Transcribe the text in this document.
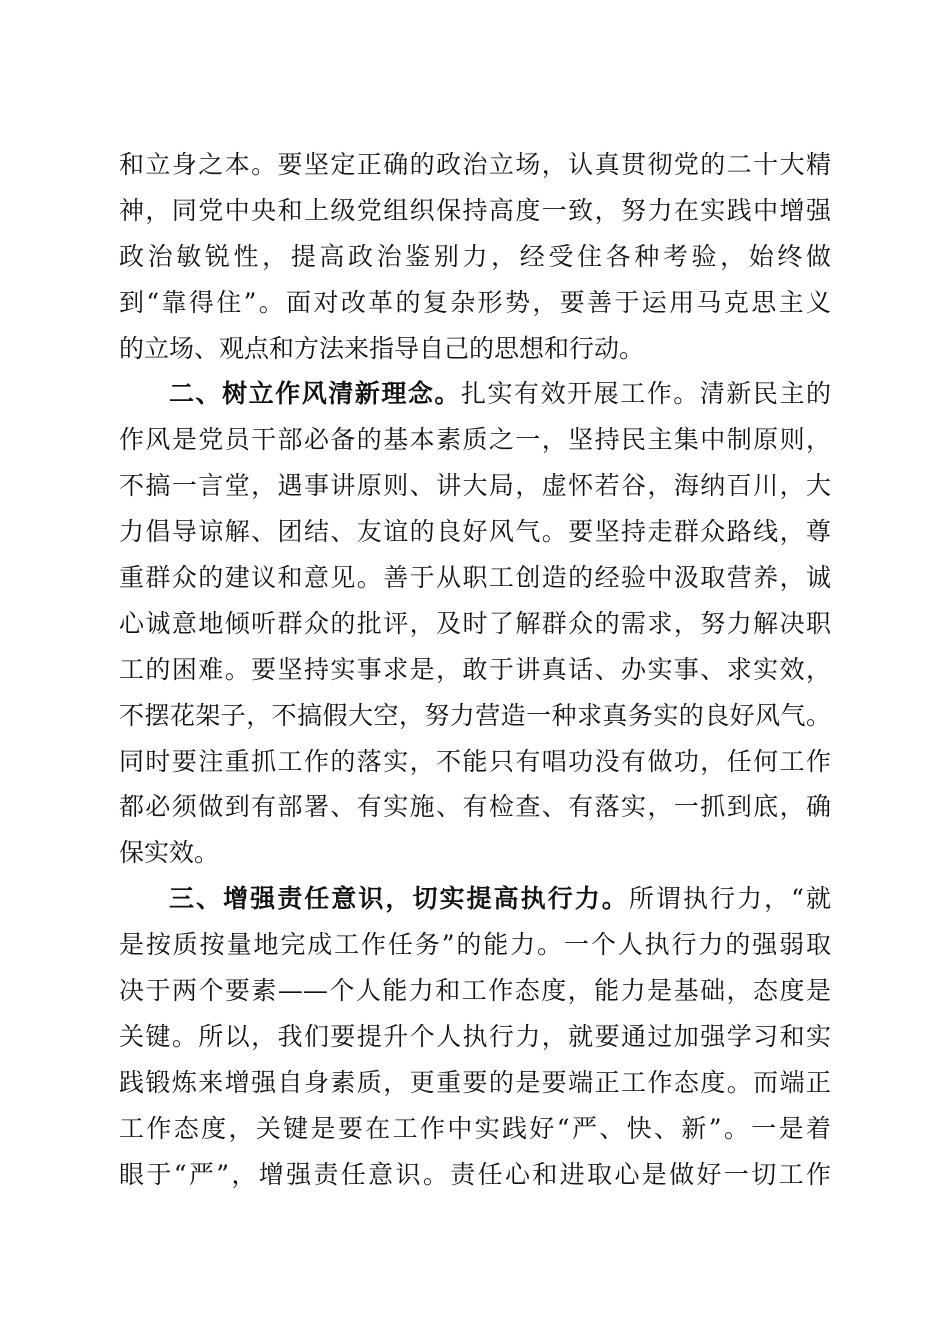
和立身之本。要坚定正确的政治立场，认真贯彻党的二十大精
神，同党中央和上级党组织保持高度一致，努力在实践中增强
政治敏锐性，提高政治鉴别力，经受住各种考验，始终做
到“靠得住”。面对改革的复杂形势，要善于运用马克思主义
的立场、观点和方法来指导自己的思想和行动。
二、树立作风清新理念。扎实有效开展工作。清新民主的
作风是党员干部必备的基本素质之一，坚持民主集中制原则，
不搞一言堂，遇事讲原则、讲大局，虚怀若谷，海纳百川，大
力倡导谅解、团结、友谊的良好风气。要坚持走群众路线，尊
重群众的建议和意见。善于从职工创造的经验中汲取营养，诚
心诚意地倾听群众的批评，及时了解群众的需求，努力解决职
工的困难。要坚持实事求是，敢于讲真话、办实事、求实效，
不摆花架子，不搞假大空，努力营造一种求真务实的良好风气。
同时要注重抓工作的落实，不能只有唱功没有做功，任何工作
都必须做到有部署、有实施、有检查、有落实，一抓到底，确
保实效。
三、增强责任意识，切实提高执行力。所谓执行力，“就
是按质按量地完成工作任务”的能力。一个人执行力的强弱取
决于两个要素——个人能力和工作态度，能力是基础，态度是
关键。所以，我们要提升个人执行力，就要通过加强学习和实
践锻炼来增强自身素质，更重要的是要端正工作态度。而端正
工作态度，关键是要在工作中实践好“严、快、新”。一是着
眼于“严”，增强责任意识。责任心和进取心是做好一切工作
